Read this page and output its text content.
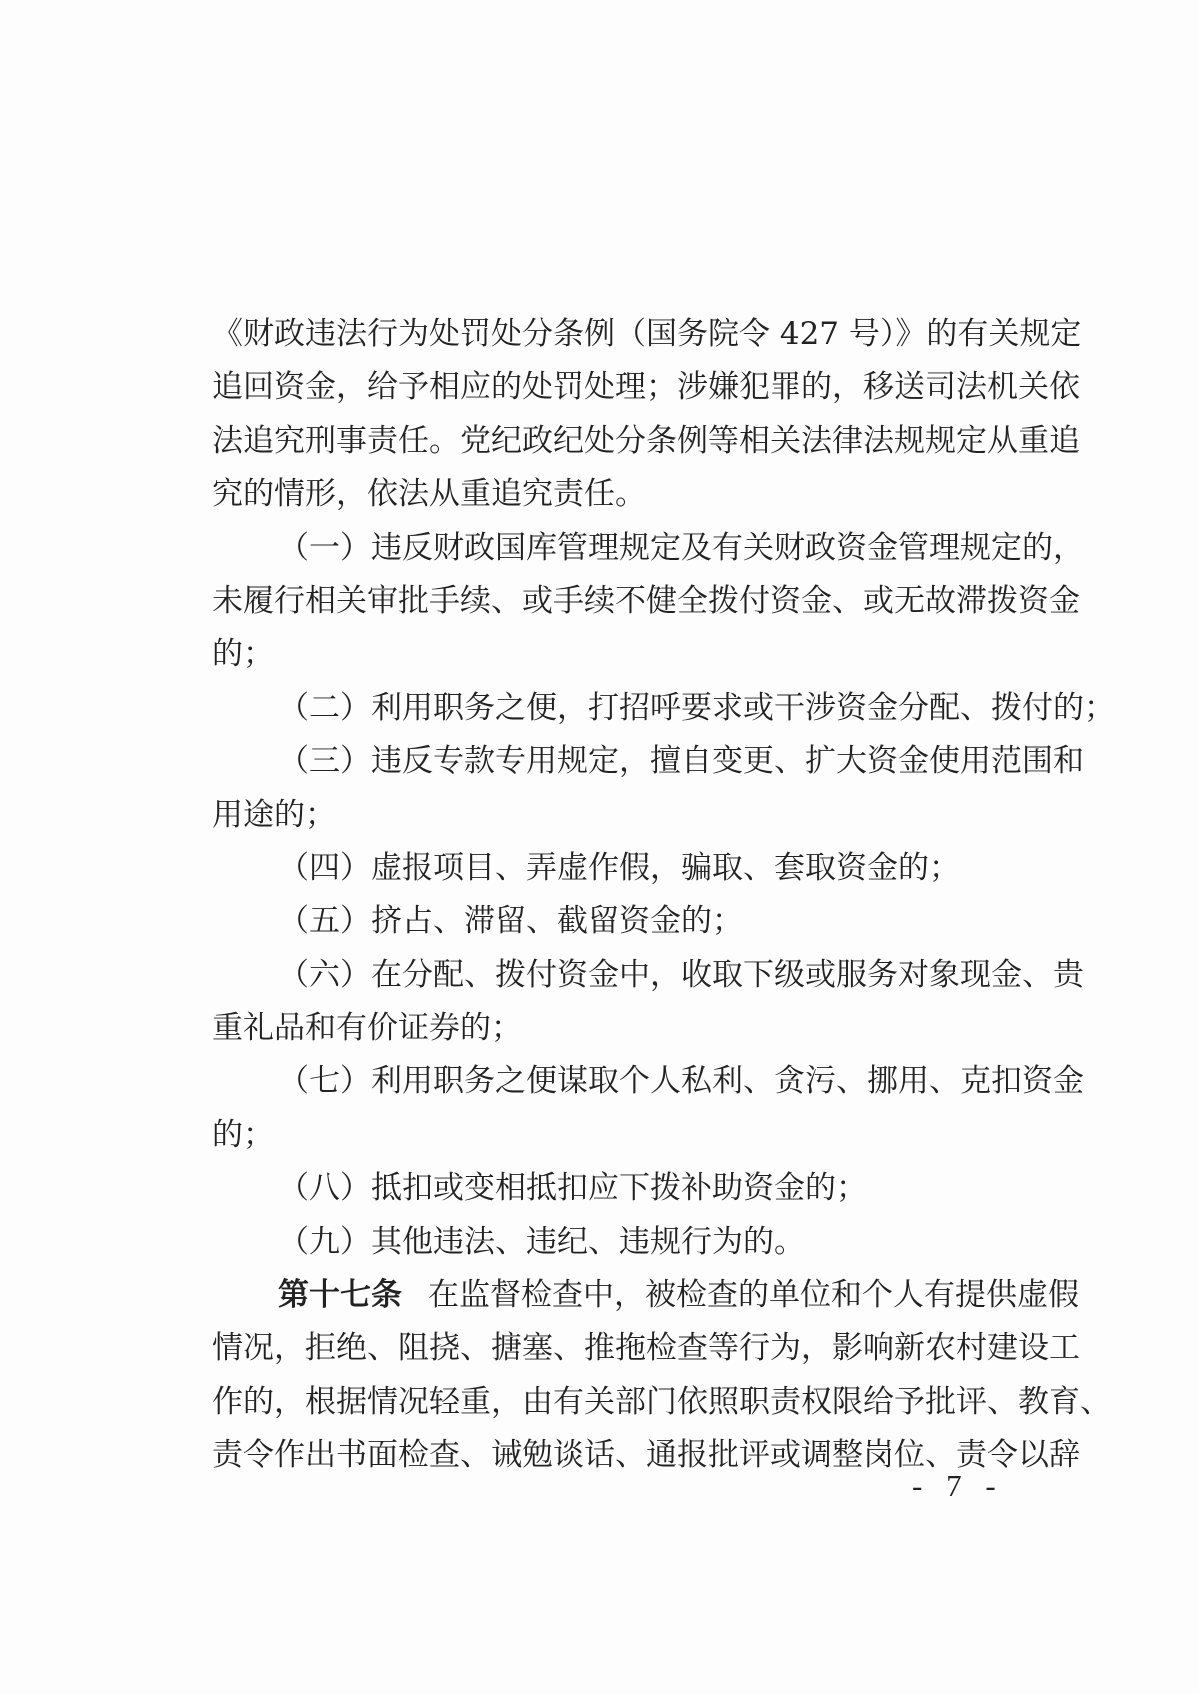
《财政违法行为处罚处分条例（国务院令 427 号）》的有关规定
追回资金，给予相应的处罚处理；涉嫌犯罪的，移送司法机关依
法追究刑事责任。党纪政纪处分条例等相关法律法规规定从重追
究的情形，依法从重追究责任。
（一）违反财政国库管理规定及有关财政资金管理规定的，
未履行相关审批手续、或手续不健全拨付资金、或无故滞拨资金
的；
（二）利用职务之便，打招呼要求或干涉资金分配、拨付的；
（三）违反专款专用规定，擅自变更、扩大资金使用范围和
用途的；
（四）虚报项目、弄虚作假，骗取、套取资金的；
（五）挤占、滞留、截留资金的；
（六）在分配、拨付资金中，收取下级或服务对象现金、贵
重礼品和有价证券的；
（七）利用职务之便谋取个人私利、贪污、挪用、克扣资金
的；
（八）抵扣或变相抵扣应下拨补助资金的；
（九）其他违法、违纪、违规行为的。
第十七条 在监督检查中，被检查的单位和个人有提供虚假
情况，拒绝、阻挠、搪塞、推拖检查等行为，影响新农村建设工
作的，根据情况轻重，由有关部门依照职责权限给予批评、教育、
责令作出书面检查、诫勉谈话、通报批评或调整岗位、责令以辞
- 7 -
